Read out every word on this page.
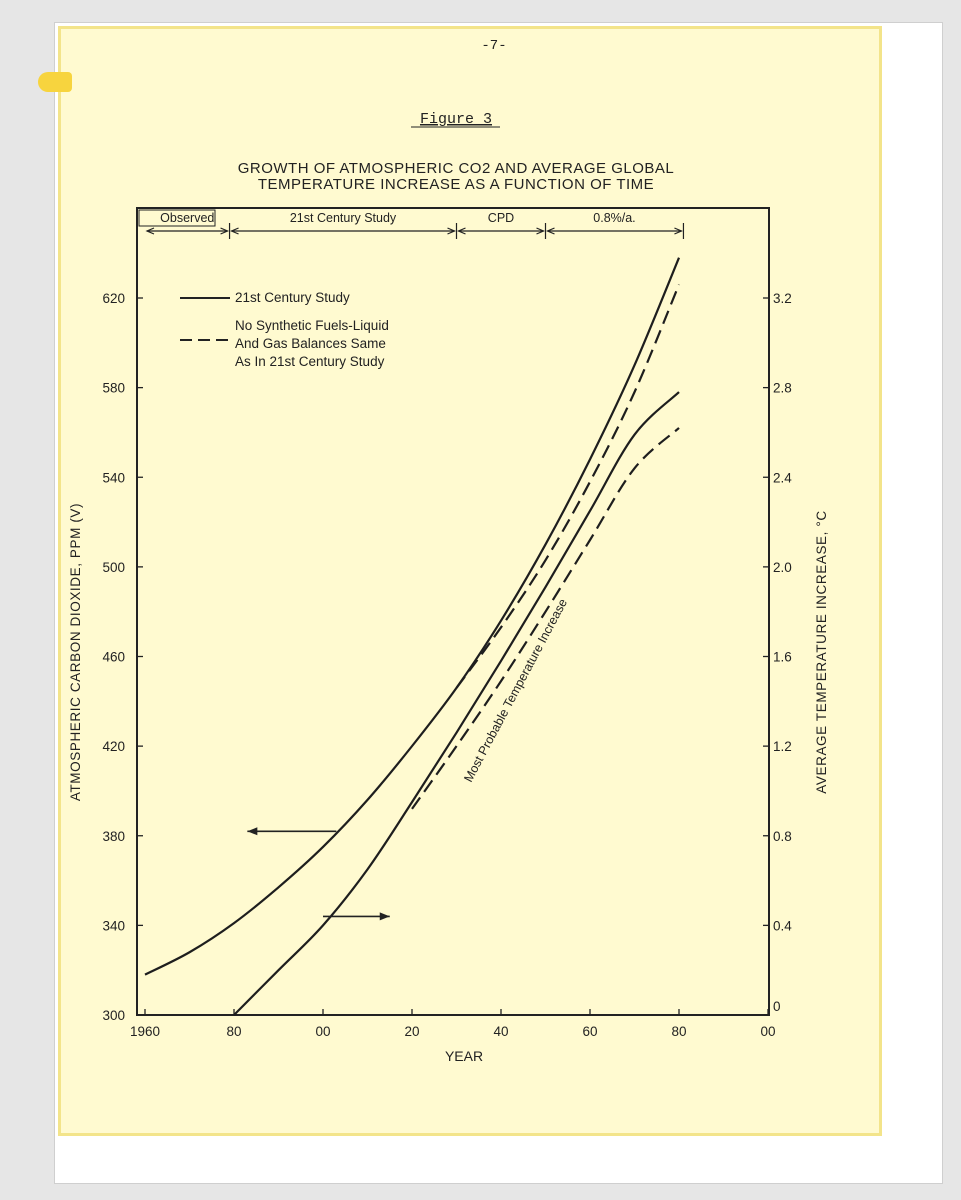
-7-
Figure 3
GROWTH OF ATMOSPHERIC CO2 AND AVERAGE GLOBAL
TEMPERATURE INCREASE AS A FUNCTION OF TIME
Observed	21st Century Study	CPD	0.8%/a.
1960	80	00	20	40	60	80	00
300
340
380
420
460
500
540
580
620
0
0.4
0.8
1.2
1.6
2.0
2.4
2.8
3.2
YEAR
ATMOSPHERIC CARBON DIOXIDE, PPM (V)	AVERAGE TEMPERATURE INCREASE, °C
21st Century Study
No Synthetic Fuels-Liquid
And Gas Balances Same
As In 21st Century Study
Most Probable Temperature Increase
